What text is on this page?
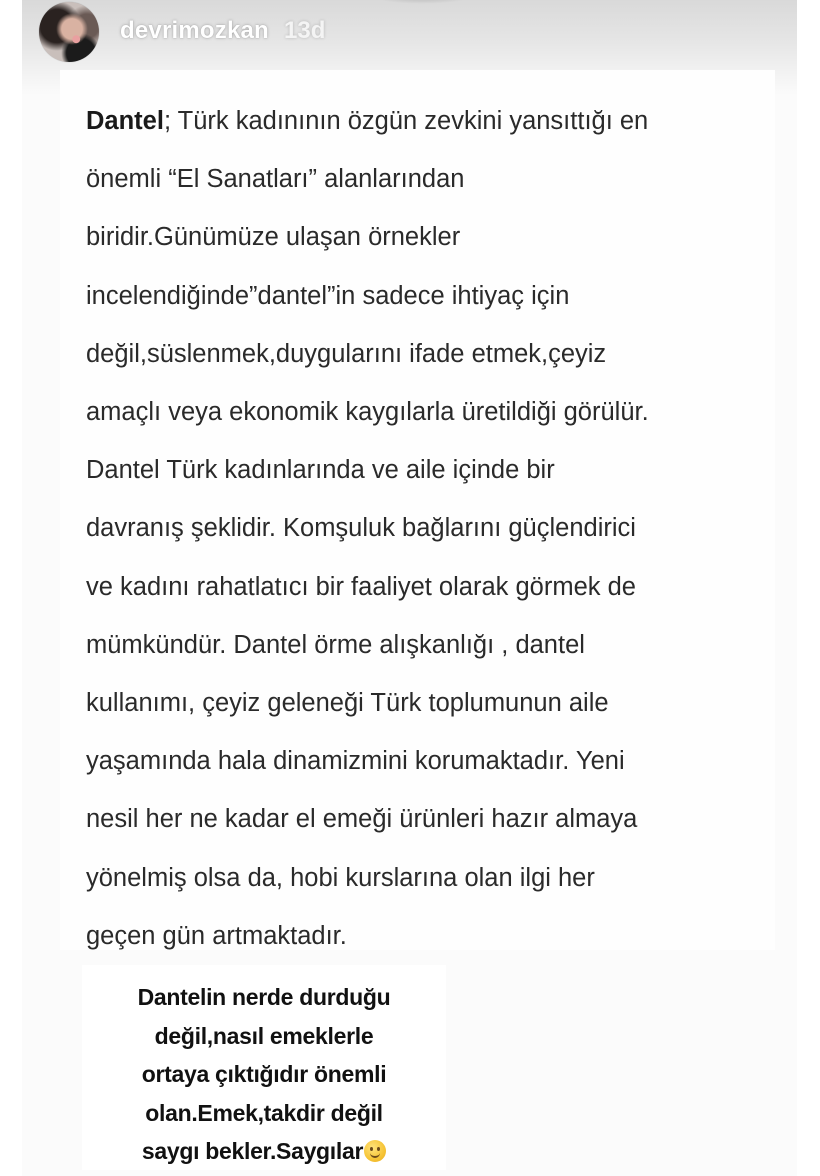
devrimozkan 13d
Dantel; Türk kadınının özgün zevkini yansıttığı en
önemli “El Sanatları” alanlarından
biridir.Günümüze ulaşan örnekler
incelendiğinde”dantel”in sadece ihtiyaç için
değil,süslenmek,duygularını ifade etmek,çeyiz
amaçlı veya ekonomik kaygılarla üretildiği görülür.
Dantel Türk kadınlarında ve aile içinde bir
davranış şeklidir. Komşuluk bağlarını güçlendirici
ve kadını rahatlatıcı bir faaliyet olarak görmek de
mümkündür. Dantel örme alışkanlığı , dantel
kullanımı, çeyiz geleneği Türk toplumunun aile
yaşamında hala dinamizmini korumaktadır. Yeni
nesil her ne kadar el emeği ürünleri hazır almaya
yönelmiş olsa da, hobi kurslarına olan ilgi her
geçen gün artmaktadır.
Dantelin nerde durduğu
değil,nasıl emeklerle
ortaya çıktığıdır önemli
olan.Emek,takdir değil
saygı bekler.Saygılar
